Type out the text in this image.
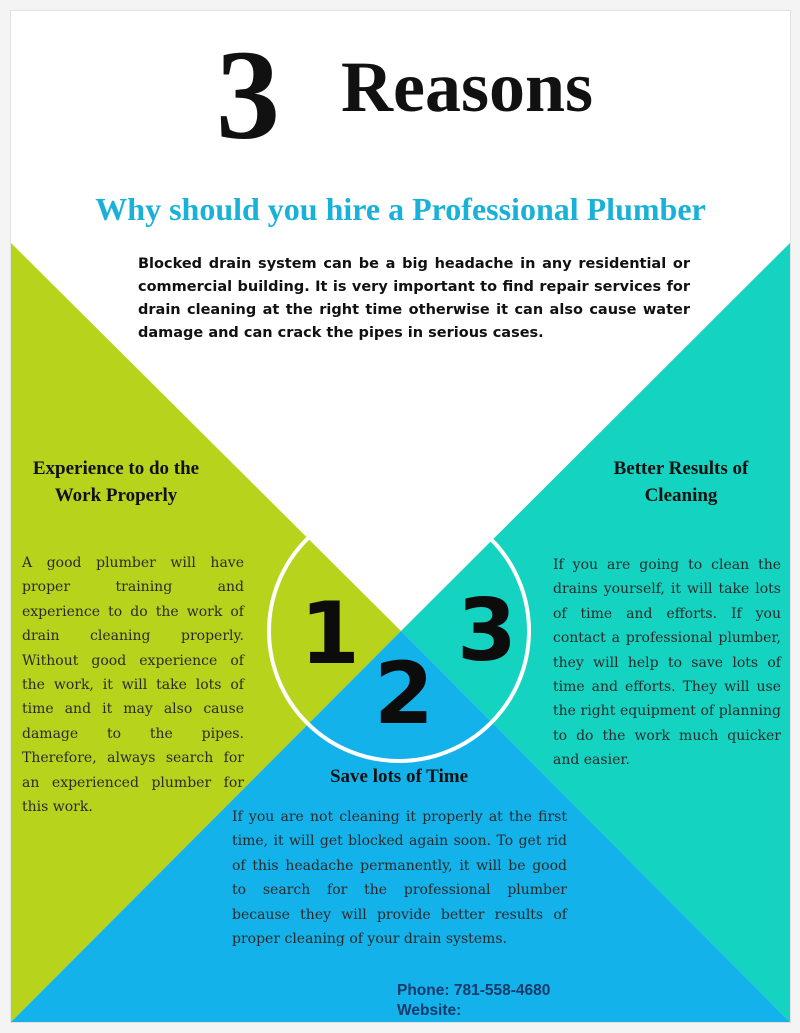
3 Reasons
Why should you hire a Professional Plumber
Blocked drain system can be a big headache in any residential or commercial building. It is very important to find repair services for drain cleaning at the right time otherwise it can also cause water damage and can crack the pipes in serious cases.
Experience to do the
Work Properly
A good plumber will have proper training and experience to do the work of drain cleaning properly. Without good experience of the work, it will take lots of time and it may also cause damage to the pipes. Therefore, always search for an experienced plumber for this work.
Better Results of
Cleaning
If you are going to clean the drains yourself, it will take lots of time and efforts. If you contact a professional plumber, they will help to save lots of time and efforts. They will use the right equipment of planning to do the work much quicker and easier.
Save lots of Time
If you are not cleaning it properly at the first time, it will get blocked again soon. To get rid of this headache permanently, it will be good to search for the professional plumber because they will provide better results of proper cleaning of your drain systems.
1
2
3
Phone: 781-558-4680
Website:
